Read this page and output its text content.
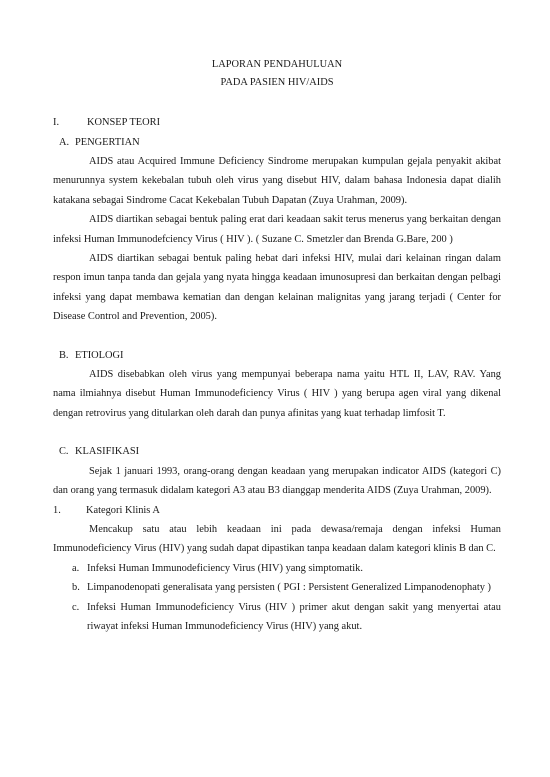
LAPORAN PENDAHULUAN
PADA PASIEN HIV/AIDS
I.	KONSEP TEORI
A. PENGERTIAN

AIDS atau Acquired Immune Deficiency Sindrome merupakan kumpulan gejala penyakit akibat menurunnya system kekebalan tubuh oleh virus yang disebut HIV, dalam bahasa Indonesia dapat dialih katakana sebagai Sindrome Cacat Kekebalan Tubuh Dapatan (Zuya Urahman, 2009).

AIDS diartikan sebagai bentuk paling erat dari keadaan sakit terus menerus yang berkaitan dengan infeksi Human Immunodefciency Virus ( HIV ). ( Suzane C. Smetzler dan Brenda G.Bare, 200 )

AIDS diartikan sebagai bentuk paling hebat dari infeksi HIV, mulai dari kelainan ringan dalam respon imun tanpa tanda dan gejala yang nyata hingga keadaan imunosupresi dan berkaitan dengan pelbagi infeksi yang dapat membawa kematian dan dengan kelainan malignitas yang jarang terjadi ( Center for Disease Control and Prevention, 2005).

B. ETIOLOGI

AIDS disebabkan oleh virus yang mempunyai beberapa nama yaitu HTL II, LAV, RAV. Yang nama ilmiahnya disebut Human Immunodeficiency Virus ( HIV ) yang berupa agen viral yang dikenal dengan retrovirus yang ditularkan oleh darah dan punya afinitas yang kuat terhadap limfosit T.

C. KLASIFIKASI

Sejak 1 januari 1993, orang-orang dengan keadaan yang merupakan indicator AIDS (kategori C) dan orang yang termasuk didalam kategori A3 atau B3 dianggap menderita AIDS (Zuya Urahman, 2009).

1.	Kategori Klinis A

Mencakup satu atau lebih keadaan ini pada dewasa/remaja dengan infeksi Human Immunodeficiency Virus (HIV) yang sudah dapat dipastikan tanpa keadaan dalam kategori klinis B dan C.

a. Infeksi Human Immunodeficiency Virus (HIV) yang simptomatik.
b. Limpanodenopati generalisata yang persisten ( PGI : Persistent Generalized Limpanodenophaty )
c. Infeksi Human Immunodeficiency Virus (HIV ) primer akut dengan sakit yang menyertai atau riwayat infeksi Human Immunodeficiency Virus (HIV) yang akut.
